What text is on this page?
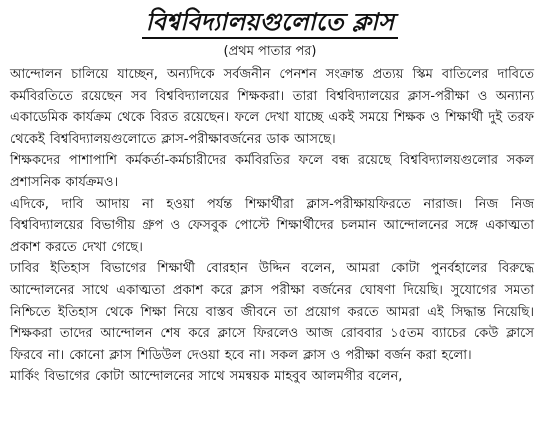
বিশ্ববিদ্যালয়গুলোতে ক্লাস
(প্রথম পাতার পর)

আন্দোলন চালিয়ে যাচ্ছেন, অন্যদিকে সর্বজনীন পেনশন সংক্রান্ত প্রত্যয় স্কিম বাতিলের দাবিতে কর্মবিরতিতে রয়েছেন সব বিশ্ববিদ্যালয়ের শিক্ষকরা। তারা বিশ্ববিদ্যালয়ের ক্লাস-পরীক্ষা ও অন্যান্য একাডেমিক কার্যক্রম থেকে বিরত রয়েছেন। ফলে দেখা যাচ্ছে একই সময়ে শিক্ষক ও শিক্ষার্থী দুই তরফ থেকেই বিশ্ববিদ্যালয়গুলোতে ক্লাস-পরীক্ষাবর্জনের ডাক আসছে।

শিক্ষকদের পাশাপাশি কর্মকর্তা-কর্মচারীদের কর্মবিরতির ফলে বন্ধ রয়েছে বিশ্ববিদ্যালয়গুলোর সকল প্রশাসনিক কার্যক্রমও।

এদিকে, দাবি আদায় না হওয়া পর্যন্ত শিক্ষার্থীরা ক্লাস-পরীক্ষায়ফিরতে নারাজ। নিজ নিজ বিশ্ববিদ্যালয়ের বিভাগীয় গ্রুপ ও ফেসবুক পোস্টে শিক্ষার্থীদের চলমান আন্দোলনের সঙ্গে একাত্মতা প্রকাশ করতে দেখা গেছে।

ঢাবির ইতিহাস বিভাগের শিক্ষার্থী বোরহান উদ্দিন বলেন, আমরা কোটা পুনর্বহালের বিরুদ্ধে আন্দোলনের সাথে একাত্মতা প্রকাশ করে ক্লাস পরীক্ষা বর্জনের ঘোষণা দিয়েছি। সুযোগের সমতা নিশ্চিতে ইতিহাস থেকে শিক্ষা নিয়ে বাস্তব জীবনে তা প্রয়োগ করতে আমরা এই সিদ্ধান্ত নিয়েছি। শিক্ষকরা তাদের আন্দোলন শেষ করে ক্লাসে ফিরলেও আজ রোববার ১৫তম ব্যাচের কেউ ক্লাসে ফিরবে না। কোনো ক্লাস শিডিউল দেওয়া হবে না। সকল ক্লাস ও পরীক্ষা বর্জন করা হলো।

মার্কিং বিভাগের কোটা আন্দোলনের সাথে সমন্বয়ক মাহবুব আলমগীর বলেন,
